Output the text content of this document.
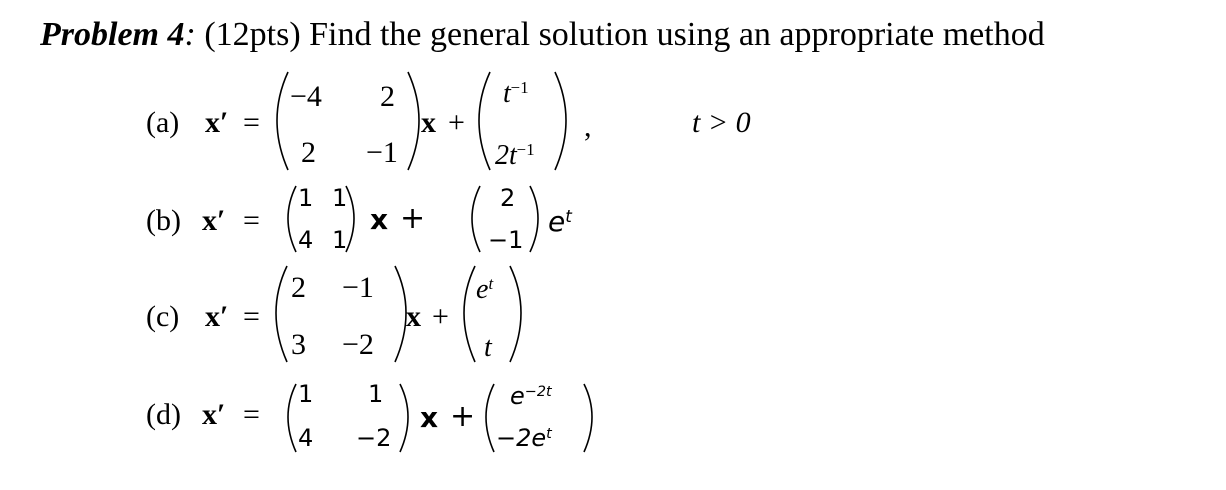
Problem 4: (12pts) Find the general solution using an appropriate method
(a) x′ =
−4 2
2 −1
x +
$t^{-1}$
$2t^{-1}$
,	t > 0
(b) x′ =
1 1
4 1
x +
2
−1
$e^t$
(c) x′ =
2 −1
3 −2
x +
$e^t$
t
(d) x′ =
1 1
4 −2
x +
$e^{-2t}$
$-2e^t$
